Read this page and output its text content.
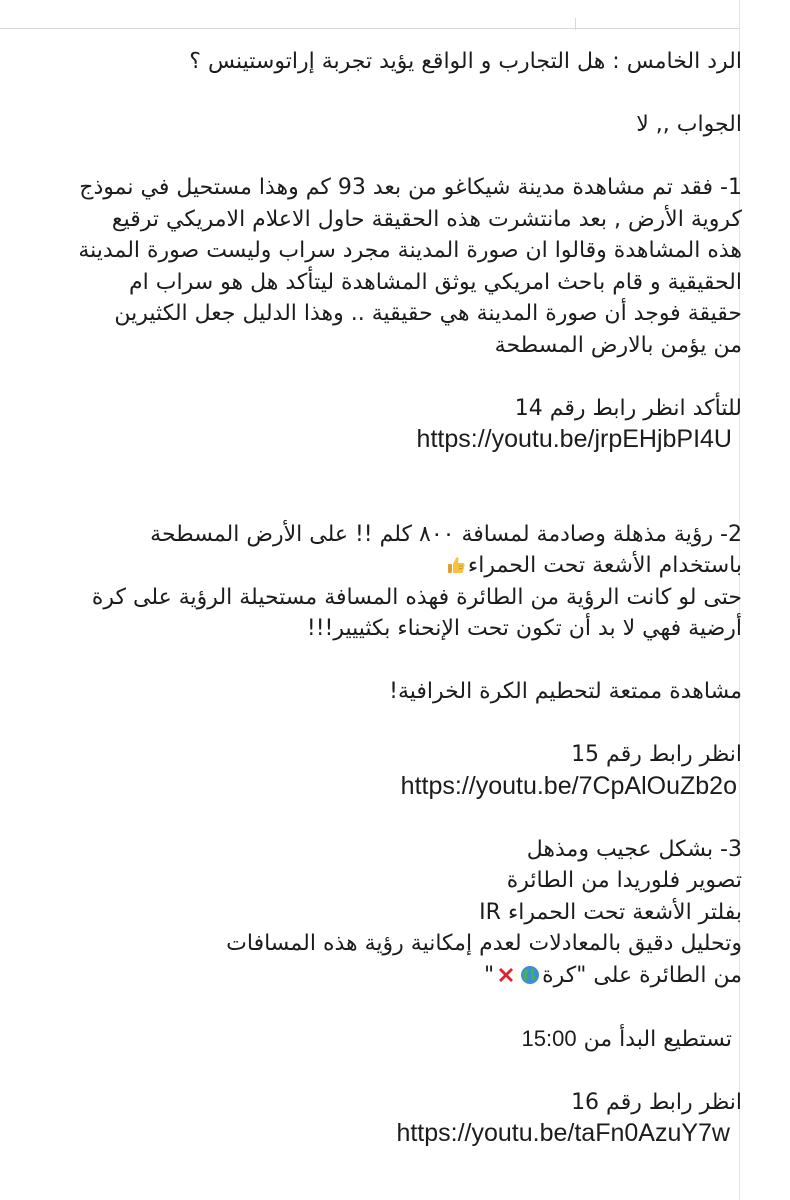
الرد الخامس : هل التجارب و الواقع يؤيد تجربة إراتوستينس ؟
الجواب ,, لا
1- فقد تم مشاهدة مدينة شيكاغو من بعد 93 كم وهذا مستحيل في نموذج
كروية الأرض , بعد مانتشرت هذه الحقيقة حاول الاعلام الامريكي ترقيع
هذه المشاهدة وقالوا ان صورة المدينة مجرد سراب وليست صورة المدينة
الحقيقية و قام باحث امريكي يوثق المشاهدة ليتأكد هل هو سراب ام
حقيقة فوجد أن صورة المدينة هي حقيقية .. وهذا الدليل جعل الكثيرين
من يؤمن بالارض المسطحة
للتأكد انظر رابط رقم 14
https://youtu.be/jrpEHjbPI4U
2- رؤية مذهلة وصادمة لمسافة ٨٠٠ كلم !! على الأرض المسطحة
باستخدام الأشعة تحت الحمراء
حتى لو كانت الرؤية من الطائرة فهذه المسافة مستحيلة الرؤية على كرة
أرضية فهي لا بد أن تكون تحت الإنحناء بكثييير!!!
مشاهدة ممتعة لتحطيم الكرة الخرافية!
انظر رابط رقم 15
https://youtu.be/7CpAlOuZb2o
3- بشكل عجيب ومذهل
تصوير فلوريدا من الطائرة
بفلتر الأشعة تحت الحمراء IR
وتحليل دقيق بالمعادلات لعدم إمكانية رؤية هذه المسافات
من الطائرة على "كرة"
تستطيع البدأ من 15:00
انظر رابط رقم 16
https://youtu.be/taFn0AzuY7w
